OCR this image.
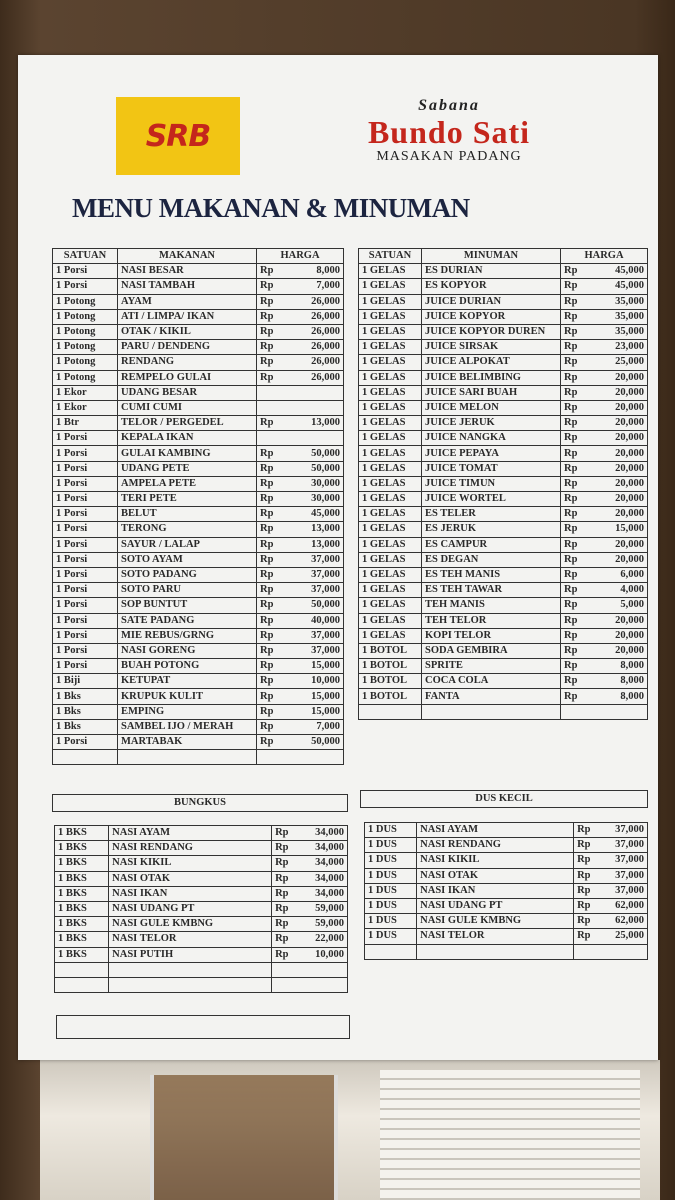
SRB
Sabana
Bundo Sati
MASAKAN PADANG
MENU MAKANAN & MINUMAN
SATUAN	MAKANAN	HARGA	
1 Porsi	NASI BESAR	Rp	8,000
1 Porsi	NASI TAMBAH	Rp	7,000
1 Potong	AYAM	Rp	26,000
1 Potong	ATI / LIMPA/ IKAN	Rp	26,000
1 Potong	OTAK / KIKIL	Rp	26,000
1 Potong	PARU / DENDENG	Rp	26,000
1 Potong	RENDANG	Rp	26,000
1 Potong	REMPELO GULAI	Rp	26,000
1 Ekor	UDANG BESAR		
1 Ekor	CUMI CUMI		
1 Btr	TELOR / PERGEDEL	Rp	13,000
1 Porsi	KEPALA IKAN		
1 Porsi	GULAI KAMBING	Rp	50,000
1 Porsi	UDANG PETE	Rp	50,000
1 Porsi	AMPELA PETE	Rp	30,000
1 Porsi	TERI PETE	Rp	30,000
1 Porsi	BELUT	Rp	45,000
1 Porsi	TERONG	Rp	13,000
1 Porsi	SAYUR / LALAP	Rp	13,000
1 Porsi	SOTO AYAM	Rp	37,000
1 Porsi	SOTO PADANG	Rp	37,000
1 Porsi	SOTO PARU	Rp	37,000
1 Porsi	SOP BUNTUT	Rp	50,000
1 Porsi	SATE PADANG	Rp	40,000
1 Porsi	MIE REBUS/GRNG	Rp	37,000
1 Porsi	NASI GORENG	Rp	37,000
1 Porsi	BUAH POTONG	Rp	15,000
1 Biji	KETUPAT	Rp	10,000
1 Bks	KRUPUK KULIT	Rp	15,000
1 Bks	EMPING	Rp	15,000
1 Bks	SAMBEL IJO / MERAH	Rp	7,000
1 Porsi	MARTABAK	Rp	50,000

SATUAN	MINUMAN	HARGA	
1 GELAS	ES DURIAN	Rp	45,000
1 GELAS	ES KOPYOR	Rp	45,000
1 GELAS	JUICE DURIAN	Rp	35,000
1 GELAS	JUICE KOPYOR	Rp	35,000
1 GELAS	JUICE KOPYOR DUREN	Rp	35,000
1 GELAS	JUICE SIRSAK	Rp	23,000
1 GELAS	JUICE ALPOKAT	Rp	25,000
1 GELAS	JUICE BELIMBING	Rp	20,000
1 GELAS	JUICE SARI BUAH	Rp	20,000
1 GELAS	JUICE MELON	Rp	20,000
1 GELAS	JUICE JERUK	Rp	20,000
1 GELAS	JUICE NANGKA	Rp	20,000
1 GELAS	JUICE PEPAYA	Rp	20,000
1 GELAS	JUICE TOMAT	Rp	20,000
1 GELAS	JUICE TIMUN	Rp	20,000
1 GELAS	JUICE WORTEL	Rp	20,000
1 GELAS	ES TELER	Rp	20,000
1 GELAS	ES JERUK	Rp	15,000
1 GELAS	ES CAMPUR	Rp	20,000
1 GELAS	ES DEGAN	Rp	20,000
1 GELAS	ES TEH MANIS	Rp	6,000
1 GELAS	ES TEH TAWAR	Rp	4,000
1 GELAS	TEH MANIS	Rp	5,000
1 GELAS	TEH TELOR	Rp	20,000
1 GELAS	KOPI TELOR	Rp	20,000
1 BOTOL	SODA GEMBIRA	Rp	20,000
1 BOTOL	SPRITE	Rp	8,000
1 BOTOL	COCA COLA	Rp	8,000
1 BOTOL	FANTA	Rp	8,000

BUNGKUS
1 BKS	NASI AYAM	Rp	34,000
1 BKS	NASI RENDANG	Rp	34,000
1 BKS	NASI KIKIL	Rp	34,000
1 BKS	NASI OTAK	Rp	34,000
1 BKS	NASI IKAN	Rp	34,000
1 BKS	NASI UDANG PT	Rp	59,000
1 BKS	NASI GULE KMBNG	Rp	59,000
1 BKS	NASI TELOR	Rp	22,000
1 BKS	NASI PUTIH	Rp	10,000

DUS KECIL
1 DUS	NASI AYAM	Rp	37,000
1 DUS	NASI RENDANG	Rp	37,000
1 DUS	NASI KIKIL	Rp	37,000
1 DUS	NASI OTAK	Rp	37,000
1 DUS	NASI IKAN	Rp	37,000
1 DUS	NASI UDANG PT	Rp	62,000
1 DUS	NASI GULE KMBNG	Rp	62,000
1 DUS	NASI TELOR	Rp	25,000
